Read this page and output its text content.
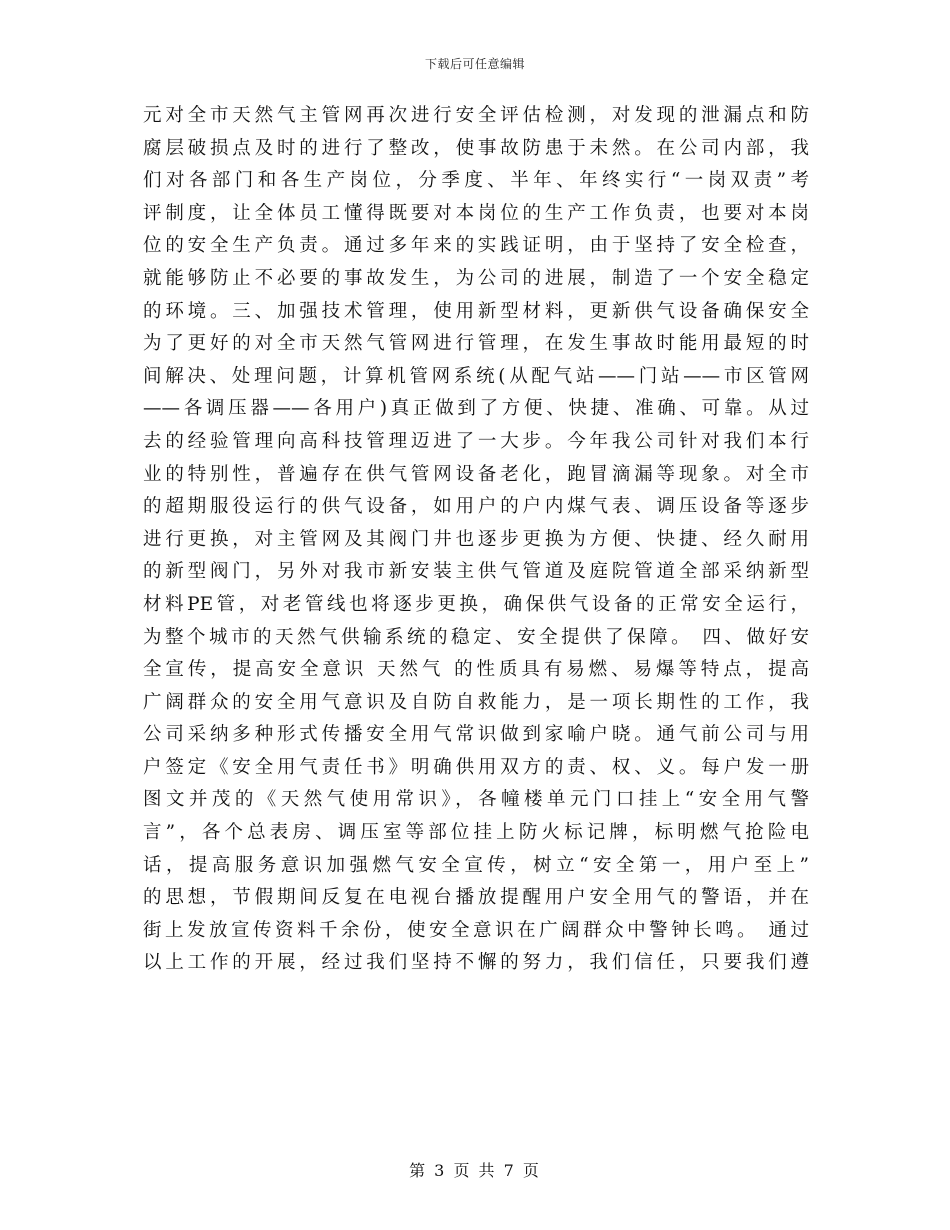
下载后可任意编辑
元对全市天然气主管网再次进行安全评估检测，对发现的泄漏点和防
腐层破损点及时的进行了整改，使事故防患于未然。在公司内部，我
们对各部门和各生产岗位，分季度、半年、年终实行“一岗双责”考
评制度，让全体员工懂得既要对本岗位的生产工作负责，也要对本岗
位的安全生产负责。通过多年来的实践证明，由于坚持了安全检查，
就能够防止不必要的事故发生，为公司的进展，制造了一个安全稳定
的环境。三、加强技术管理，使用新型材料，更新供气设备确保安全
为了更好的对全市天然气管网进行管理，在发生事故时能用最短的时
间解决、处理问题，计算机管网系统(从配气站——门站——市区管网
——各调压器——各用户)真正做到了方便、快捷、准确、可靠。从过
去的经验管理向高科技管理迈进了一大步。今年我公司针对我们本行
业的特别性，普遍存在供气管网设备老化，跑冒滴漏等现象。对全市
的超期服役运行的供气设备，如用户的户内煤气表、调压设备等逐步
进行更换，对主管网及其阀门井也逐步更换为方便、快捷、经久耐用
的新型阀门，另外对我市新安装主供气管道及庭院管道全部采纳新型
材料PE管，对老管线也将逐步更换，确保供气设备的正常安全运行，
为整个城市的天然气供输系统的稳定、安全提供了保障。 四、做好安
全宣传，提高安全意识 天然气 的性质具有易燃、易爆等特点，提高
广阔群众的安全用气意识及自防自救能力，是一项长期性的工作，我
公司采纳多种形式传播安全用气常识做到家喻户晓。通气前公司与用
户签定《安全用气责任书》明确供用双方的责、权、义。每户发一册
图文并茂的《天然气使用常识》，各幢楼单元门口挂上“安全用气警
言”，各个总表房、调压室等部位挂上防火标记牌，标明燃气抢险电
话，提高服务意识加强燃气安全宣传，树立“安全第一，用户至上”
的思想，节假期间反复在电视台播放提醒用户安全用气的警语，并在
街上发放宣传资料千余份，使安全意识在广阔群众中警钟长鸣。 通过
以上工作的开展，经过我们坚持不懈的努力，我们信任，只要我们遵
第 3 页 共 7 页
